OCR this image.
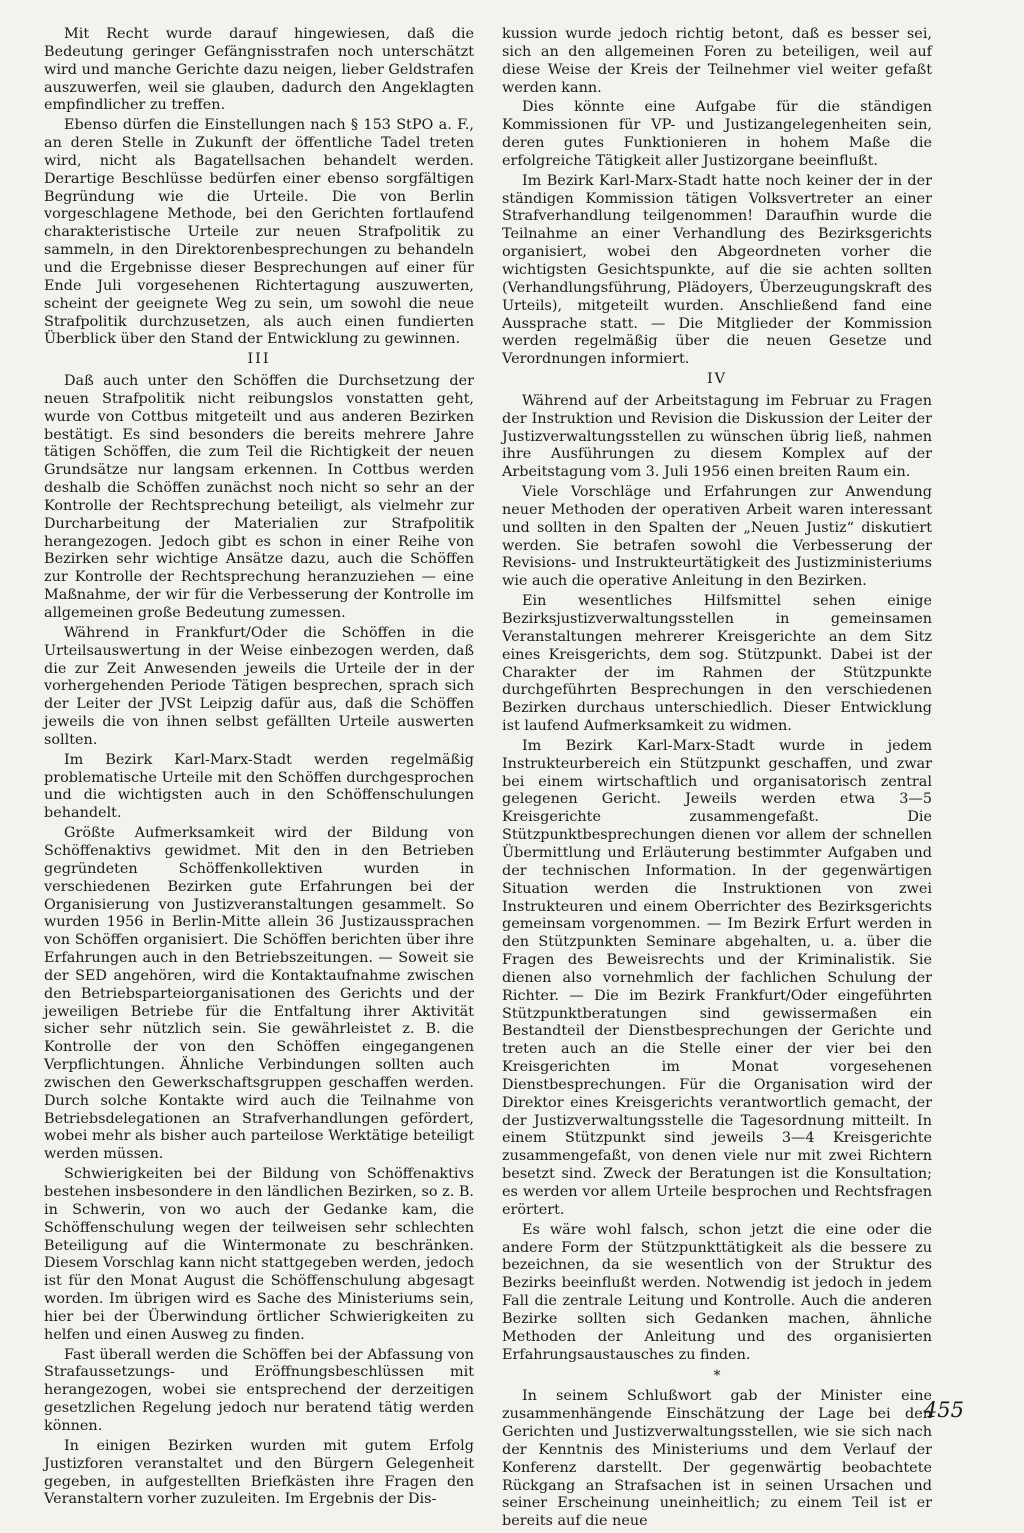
Mit Recht wurde darauf hingewiesen, daß die Bedeutung geringer Gefängnisstrafen noch unterschätzt wird und manche Gerichte dazu neigen, lieber Geldstrafen auszuwerfen, weil sie glauben, dadurch den Angeklagten empfindlicher zu treffen.

Ebenso dürfen die Einstellungen nach § 153 StPO a. F., an deren Stelle in Zukunft der öffentliche Tadel treten wird, nicht als Bagatellsachen behandelt werden. Derartige Beschlüsse bedürfen einer ebenso sorgfältigen Begründung wie die Urteile. Die von Berlin vorgeschlagene Methode, bei den Gerichten fortlaufend charakteristische Urteile zur neuen Strafpolitik zu sammeln, in den Direktorenbesprechungen zu behandeln und die Ergebnisse dieser Besprechungen auf einer für Ende Juli vorgesehenen Richtertagung auszuwerten, scheint der geeignete Weg zu sein, um sowohl die neue Strafpolitik durchzusetzen, als auch einen fundierten Überblick über den Stand der Entwicklung zu gewinnen.

III

Daß auch unter den Schöffen die Durchsetzung der neuen Strafpolitik nicht reibungslos vonstatten geht, wurde von Cottbus mitgeteilt und aus anderen Bezirken bestätigt. Es sind besonders die bereits mehrere Jahre tätigen Schöffen, die zum Teil die Richtigkeit der neuen Grundsätze nur langsam erkennen. In Cottbus werden deshalb die Schöffen zunächst noch nicht so sehr an der Kontrolle der Rechtsprechung beteiligt, als vielmehr zur Durcharbeitung der Materialien zur Strafpolitik herangezogen. Jedoch gibt es schon in einer Reihe von Bezirken sehr wichtige Ansätze dazu, auch die Schöffen zur Kontrolle der Rechtsprechung heranzuziehen — eine Maßnahme, der wir für die Verbesserung der Kontrolle im allgemeinen große Bedeutung zumessen.

Während in Frankfurt/Oder die Schöffen in die Urteilsauswertung in der Weise einbezogen werden, daß die zur Zeit Anwesenden jeweils die Urteile der in der vorhergehenden Periode Tätigen besprechen, sprach sich der Leiter der JVSt Leipzig dafür aus, daß die Schöffen jeweils die von ihnen selbst gefällten Urteile auswerten sollten.

Im Bezirk Karl-Marx-Stadt werden regelmäßig problematische Urteile mit den Schöffen durchgesprochen und die wichtigsten auch in den Schöffenschulungen behandelt.

Größte Aufmerksamkeit wird der Bildung von Schöffenaktivs gewidmet. Mit den in den Betrieben gegründeten Schöffenkollektiven wurden in verschiedenen Bezirken gute Erfahrungen bei der Organisierung von Justizveranstaltungen gesammelt. So wurden 1956 in Berlin-Mitte allein 36 Justizaussprachen von Schöffen organisiert. Die Schöffen berichten über ihre Erfahrungen auch in den Betriebszeitungen. — Soweit sie der SED angehören, wird die Kontaktaufnahme zwischen den Betriebsparteiorganisationen des Gerichts und der jeweiligen Betriebe für die Entfaltung ihrer Aktivität sicher sehr nützlich sein. Sie gewährleistet z. B. die Kontrolle der von den Schöffen eingegangenen Verpflichtungen. Ähnliche Verbindungen sollten auch zwischen den Gewerkschaftsgruppen geschaffen werden. Durch solche Kontakte wird auch die Teilnahme von Betriebsdelegationen an Strafverhandlungen gefördert, wobei mehr als bisher auch parteilose Werktätige beteiligt werden müssen.

Schwierigkeiten bei der Bildung von Schöffenaktivs bestehen insbesondere in den ländlichen Bezirken, so z. B. in Schwerin, von wo auch der Gedanke kam, die Schöffenschulung wegen der teilweisen sehr schlechten Beteiligung auf die Wintermonate zu beschränken. Diesem Vorschlag kann nicht stattgegeben werden, jedoch ist für den Monat August die Schöffenschulung abgesagt worden. Im übrigen wird es Sache des Ministeriums sein, hier bei der Überwindung örtlicher Schwierigkeiten zu helfen und einen Ausweg zu finden.

Fast überall werden die Schöffen bei der Abfassung von Strafaussetzungs- und Eröffnungsbeschlüssen mit herangezogen, wobei sie entsprechend der derzeitigen gesetzlichen Regelung jedoch nur beratend tätig werden können.

In einigen Bezirken wurden mit gutem Erfolg Justizforen veranstaltet und den Bürgern Gelegenheit gegeben, in aufgestellten Briefkästen ihre Fragen den Veranstaltern vorher zuzuleiten. Im Ergebnis der Dis-

kussion wurde jedoch richtig betont, daß es besser sei, sich an den allgemeinen Foren zu beteiligen, weil auf diese Weise der Kreis der Teilnehmer viel weiter gefaßt werden kann.

Dies könnte eine Aufgabe für die ständigen Kommissionen für VP- und Justizangelegenheiten sein, deren gutes Funktionieren in hohem Maße die erfolgreiche Tätigkeit aller Justizorgane beeinflußt.

Im Bezirk Karl-Marx-Stadt hatte noch keiner der in der ständigen Kommission tätigen Volksvertreter an einer Strafverhandlung teilgenommen! Daraufhin wurde die Teilnahme an einer Verhandlung des Bezirksgerichts organisiert, wobei den Abgeordneten vorher die wichtigsten Gesichtspunkte, auf die sie achten sollten (Verhandlungsführung, Plädoyers, Überzeugungskraft des Urteils), mitgeteilt wurden. Anschließend fand eine Aussprache statt. — Die Mitglieder der Kommission werden regelmäßig über die neuen Gesetze und Verordnungen informiert.

IV

Während auf der Arbeitstagung im Februar zu Fragen der Instruktion und Revision die Diskussion der Leiter der Justizverwaltungsstellen zu wünschen übrig ließ, nahmen ihre Ausführungen zu diesem Komplex auf der Arbeitstagung vom 3. Juli 1956 einen breiten Raum ein.

Viele Vorschläge und Erfahrungen zur Anwendung neuer Methoden der operativen Arbeit waren interessant und sollten in den Spalten der „Neuen Justiz“ diskutiert werden. Sie betrafen sowohl die Verbesserung der Revisions- und Instrukteurtätigkeit des Justizministeriums wie auch die operative Anleitung in den Bezirken.

Ein wesentliches Hilfsmittel sehen einige Bezirksjustizverwaltungsstellen in gemeinsamen Veranstaltungen mehrerer Kreisgerichte an dem Sitz eines Kreisgerichts, dem sog. Stützpunkt. Dabei ist der Charakter der im Rahmen der Stützpunkte durchgeführten Besprechungen in den verschiedenen Bezirken durchaus unterschiedlich. Dieser Entwicklung ist laufend Aufmerksamkeit zu widmen.

Im Bezirk Karl-Marx-Stadt wurde in jedem Instrukteurbereich ein Stützpunkt geschaffen, und zwar bei einem wirtschaftlich und organisatorisch zentral gelegenen Gericht. Jeweils werden etwa 3—5 Kreisgerichte zusammengefaßt. Die Stützpunktbesprechungen dienen vor allem der schnellen Übermittlung und Erläuterung bestimmter Aufgaben und der technischen Information. In der gegenwärtigen Situation werden die Instruktionen von zwei Instrukteuren und einem Oberrichter des Bezirksgerichts gemeinsam vorgenommen. — Im Bezirk Erfurt werden in den Stützpunkten Seminare abgehalten, u. a. über die Fragen des Beweisrechts und der Kriminalistik. Sie dienen also vornehmlich der fachlichen Schulung der Richter. — Die im Bezirk Frankfurt/Oder eingeführten Stützpunktberatungen sind gewissermaßen ein Bestandteil der Dienstbesprechungen der Gerichte und treten auch an die Stelle einer der vier bei den Kreisgerichten im Monat vorgesehenen Dienstbesprechungen. Für die Organisation wird der Direktor eines Kreisgerichts verantwortlich gemacht, der der Justizverwaltungsstelle die Tagesordnung mitteilt. In einem Stützpunkt sind jeweils 3—4 Kreisgerichte zusammengefaßt, von denen viele nur mit zwei Richtern besetzt sind. Zweck der Beratungen ist die Konsultation; es werden vor allem Urteile besprochen und Rechtsfragen erörtert.

Es wäre wohl falsch, schon jetzt die eine oder die andere Form der Stützpunkttätigkeit als die bessere zu bezeichnen, da sie wesentlich von der Struktur des Bezirks beeinflußt werden. Notwendig ist jedoch in jedem Fall die zentrale Leitung und Kontrolle. Auch die anderen Bezirke sollten sich Gedanken machen, ähnliche Methoden der Anleitung und des organisierten Erfahrungsaustausches zu finden.

*

In seinem Schlußwort gab der Minister eine zusammenhängende Einschätzung der Lage bei den Gerichten und Justizverwaltungsstellen, wie sie sich nach der Kenntnis des Ministeriums und dem Verlauf der Konferenz darstellt. Der gegenwärtig beobachtete Rückgang an Strafsachen ist in seinen Ursachen und seiner Erscheinung uneinheitlich; zu einem Teil ist er bereits auf die neue

455
